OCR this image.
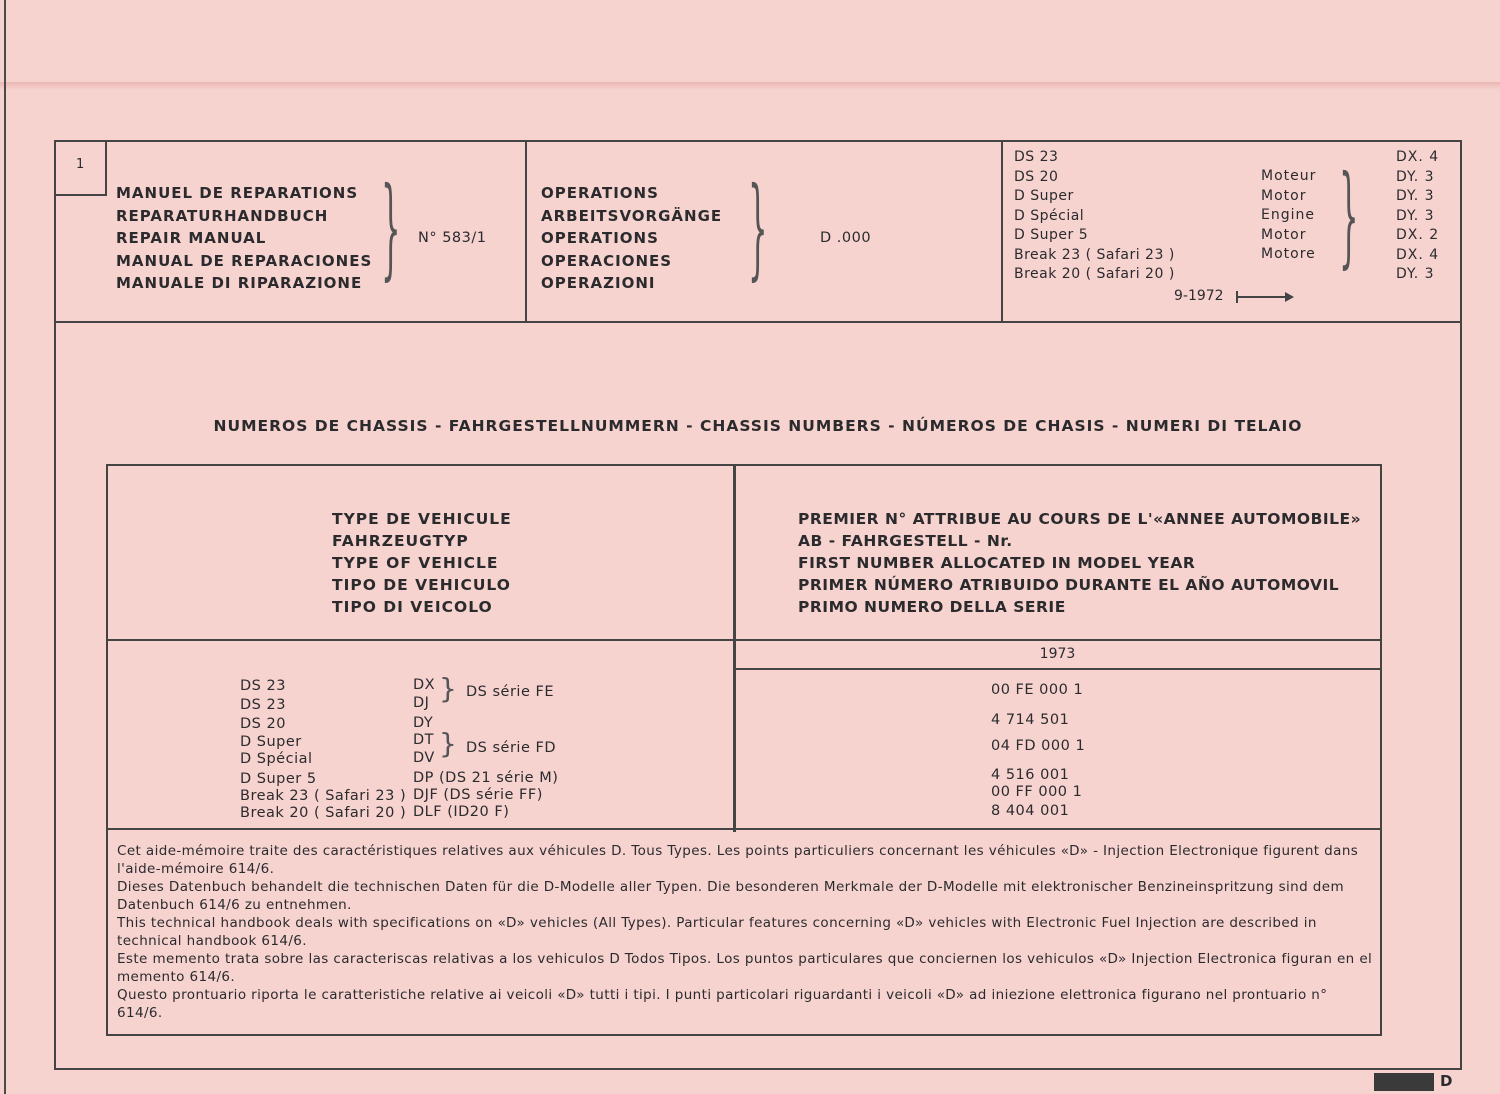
1
MANUEL DE REPARATIONS
REPARATURHANDBUCH
REPAIR MANUAL
MANUAL DE REPARACIONES
MANUALE DI RIPARAZIONE } N° 583/1
OPERATIONS
ARBEITSVORGÄNGE
OPERATIONS
OPERACIONES
OPERAZIONI }	D .000
DS 23
DS 20
D Super
D Spécial
D Super 5
Break 23 ( Safari 23 )
Break 20 ( Safari 20 )
Moteur
Motor
Engine
Motor
Motore }	DX. 4
DY. 3
DY. 3
DY. 3
DX. 2
DX. 4
DY. 3
9-1972
NUMEROS DE CHASSIS - FAHRGESTELLNUMMERN - CHASSIS NUMBERS - NÚMEROS DE CHASIS - NUMERI DI TELAIO
TYPE DE VEHICULE
FAHRZEUGTYP
TYPE OF VEHICLE
TIPO DE VEHICULO
TIPO DI VEICOLO
PREMIER N° ATTRIBUE AU COURS DE L'«ANNEE AUTOMOBILE»
AB - FAHRGESTELL - Nr.
FIRST NUMBER ALLOCATED IN MODEL YEAR
PRIMER NÚMERO ATRIBUIDO DURANTE EL AÑO AUTOMOVIL
PRIMO NUMERO DELLA SERIE
1973
DS 23
DS 23
DS 20
D Super
D Spécial
D Super 5
Break 23 ( Safari 23 )
Break 20 ( Safari 20 )
DX
DJ
DY
DT
DV
DP (DS 21 série M)
DJF (DS série FF)
DLF (ID20 F)
} DS série FE
} DS série FD
00 FE 000 1
4 714 501
04 FD 000 1
4 516 001
00 FF 000 1
8 404 001

Cet aide-mémoire traite des caractéristiques relatives aux véhicules D. Tous Types. Les points particuliers concernant les véhicules «D» - Injection Electronique figurent dans l'aide-mémoire 614/6.

Dieses Datenbuch behandelt die technischen Daten für die D-Modelle aller Typen. Die besonderen Merkmale der D-Modelle mit elektronischer Benzineinspritzung sind dem Datenbuch 614/6 zu entnehmen.

This technical handbook deals with specifications on «D» vehicles (All Types). Particular features concerning «D» vehicles with Electronic Fuel Injection are described in technical handbook 614/6.

Este memento trata sobre las caracteriscas relativas a los vehiculos D Todos Tipos. Los puntos particulares que conciernen los vehiculos «D» Injection Electronica figuran en el memento 614/6.

Questo prontuario riporta le caratteristiche relative ai veicoli «D» tutti i tipi. I punti particolari riguardanti i veicoli «D» ad iniezione elettronica figurano nel prontuario n° 614/6.

D
